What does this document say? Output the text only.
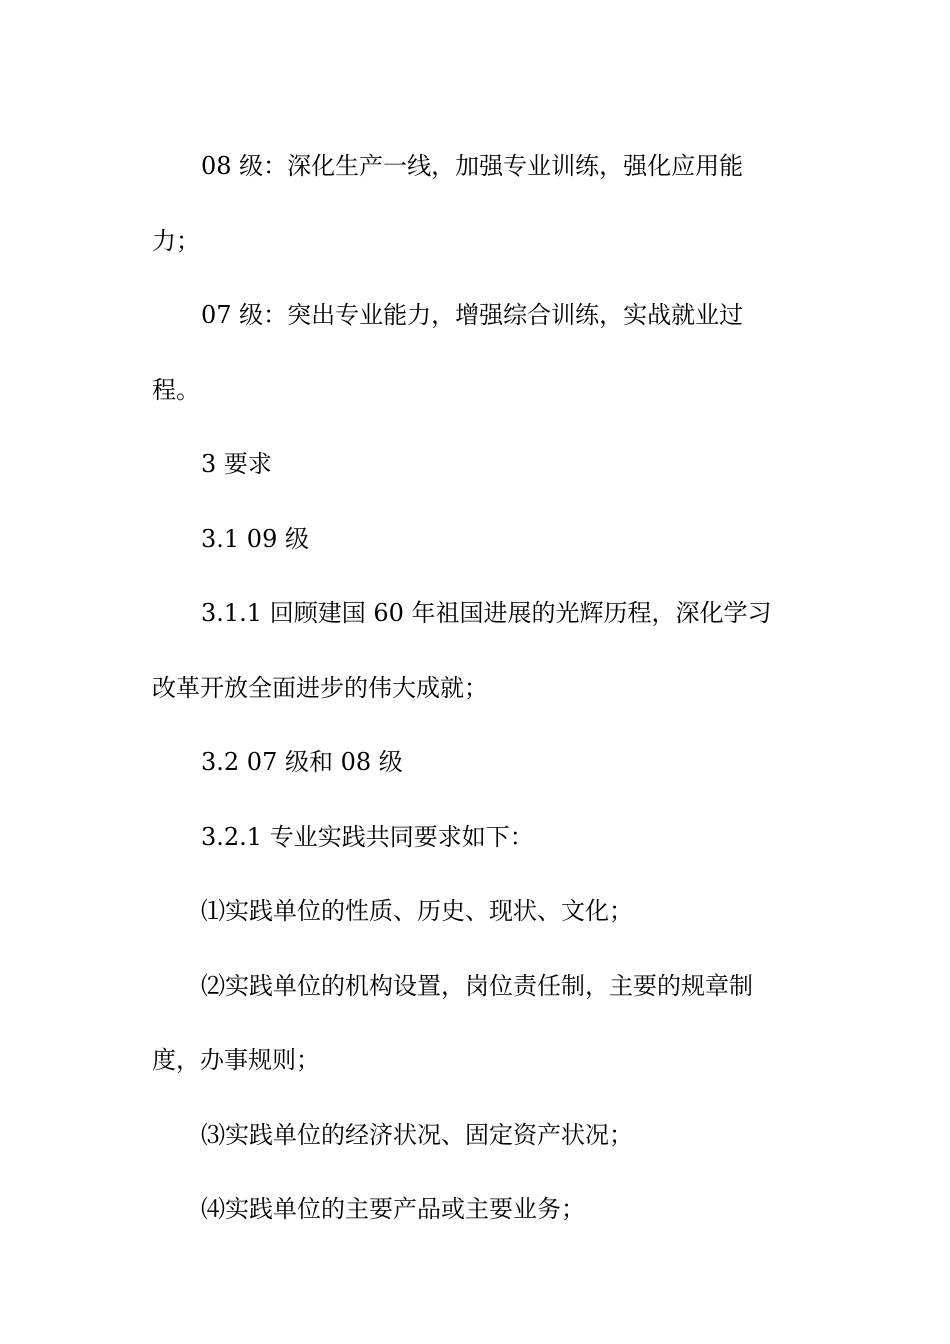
08 级：深化生产一线，加强专业训练，强化应用能

力；

07 级：突出专业能力，增强综合训练，实战就业过

程。

3 要求

3.1 09 级

3.1.1 回顾建国 60 年祖国进展的光辉历程，深化学习

改革开放全面进步的伟大成就；

3.2 07 级和 08 级

3.2.1 专业实践共同要求如下：

⑴实践单位的性质、历史、现状、文化；

⑵实践单位的机构设置，岗位责任制，主要的规章制

度，办事规则；

⑶实践单位的经济状况、固定资产状况；

⑷实践单位的主要产品或主要业务；
